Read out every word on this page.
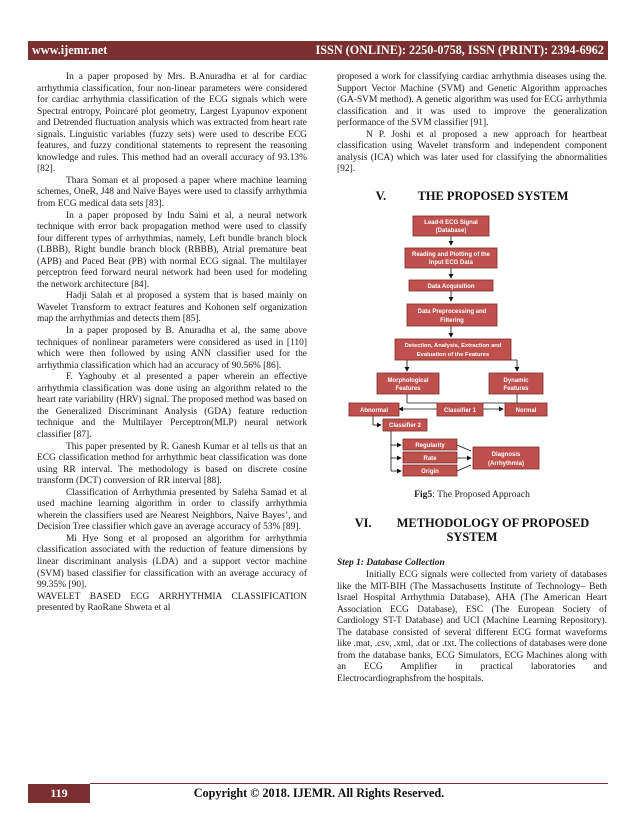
www.ijemr.net	ISSN (ONLINE): 2250-0758, ISSN (PRINT): 2394-6962

In a paper proposed by Mrs. B.Anuradha et al for cardiac arrhythmia classification, four non-linear parameters were considered for cardiac arrhythmia classification of the ECG signals which were Spectral entropy, Poincaré plot geometry, Largest Lyapunov exponent and Detrended fluctuation analysis which was extracted from heart rate signals. Linguistic variables (fuzzy sets) were used to describe ECG features, and fuzzy conditional statements to represent the reasoning knowledge and rules. This method had an overall accuracy of 93.13% [82].

Thara Soman et al proposed a paper where machine learning schemes, OneR, J48 and Naïve Bayes were used to classify arrhythmia from ECG medical data sets [83].

In a paper proposed by Indu Saini et al, a neural network technique with error back propagation method were used to classify four different types of arrhythmias, namely, Left bundle branch block (LBBB), Right bundle branch block (RBBB), Atrial premature beat (APB) and Paced Beat (PB) with normal ECG signal. The multilayer perceptron feed forward neural network had been used for modeling the network architecture [84].

Hadji Salah et al proposed a system that is based mainly on Wavelet Transform to extract features and Kohonen self organization map the arrhythmias and detects them [85].

In a paper proposed by B. Anuradha et al, the same above techniques of nonlinear parameters were considered as used in [110] which were then followed by using ANN classifier used for the arrhythmia classification which had an accuracy of 90.56% [86].

F. Yaghouby et al presented a paper wherein an effective arrhythmia classification was done using an algorithm related to the heart rate variability (HRV) signal. The proposed method was based on the Generalized Discriminant Analysis (GDA) feature reduction technique and the Multilayer Perceptron(MLP) neural network classifier [87].

This paper presented by R. Ganesh Kumar et al tells us that an ECG classification method for arrhythmic beat classification was done using RR interval. The methodology is based on discrete cosine transform (DCT) conversion of RR interval [88].

Classification of Arrhythmia presented by Saleha Samad et al used machine learning algorithm in order to classify arrhythmia wherein the classifiers used are Nearest Neighbors, Naive Bayes’, and Decision Tree classifier which gave an average accuracy of 53% [89].

Mi Hye Song et al proposed an algorithm for arrhythmia classification associated with the reduction of feature dimensions by linear discriminant analysis (LDA) and a support vector machine (SVM) based classifier for classification with an average accuracy of 99.35% [90].

WAVELET BASED ECG ARRHYTHMIA CLASSIFICATION presented by RaoRane Shweta et al

proposed a work for classifying cardiac arrhythmia diseases using the. Support Vector Machine (SVM) and Genetic Algorithm approaches (GA-SVM method). A genetic algorithm was used for ECG arrhythmia classification and it was used to improve the generalization performance of the SVM classifier [91].

N P. Joshi et al proposed a new approach for heartbeat classification using Wavelet transform and independent component analysis (ICA) which was later used for classifying the abnormalities [92].

V.	THE PROPOSED SYSTEM
Lead-II ECG Signal
(Database)
Reading and Plotting of the
Input ECG Data
Data Acquisition
Data Preprocessing and
Filtering
Detection, Analysis, Extraction and
Evaluation of the Features
Morphological
Features
Dynamic
Features
Abnormal	Classifier 1	Normal
Classifier 2
Regularity
Rate
Origin
Diagnosis
(Arrhythmia)
Fig5: The Proposed Approach
VI. METHODOLOGY OF PROPOSED
SYSTEM
Step 1: Database Collection

Initially ECG signals were collected from variety of databases like the MIT-BIH (The Massachusetts Institute of Technology– Beth Israel Hospital Arrhythmia Database), AHA (The American Heart Association ECG Database), ESC (The European Society of Cardiology ST-T Database) and UCI (Machine Learning Repository). The database consisted of several different ECG format waveforms like .mat, .csv, .xml, .dat or .txt. The collections of databases were done from the database banks, ECG Simulators, ECG Machines along with an ECG Amplifier in practical laboratories and Electrocardiographsfrom the hospitals.

119	Copyright © 2018. IJEMR. All Rights Reserved.
